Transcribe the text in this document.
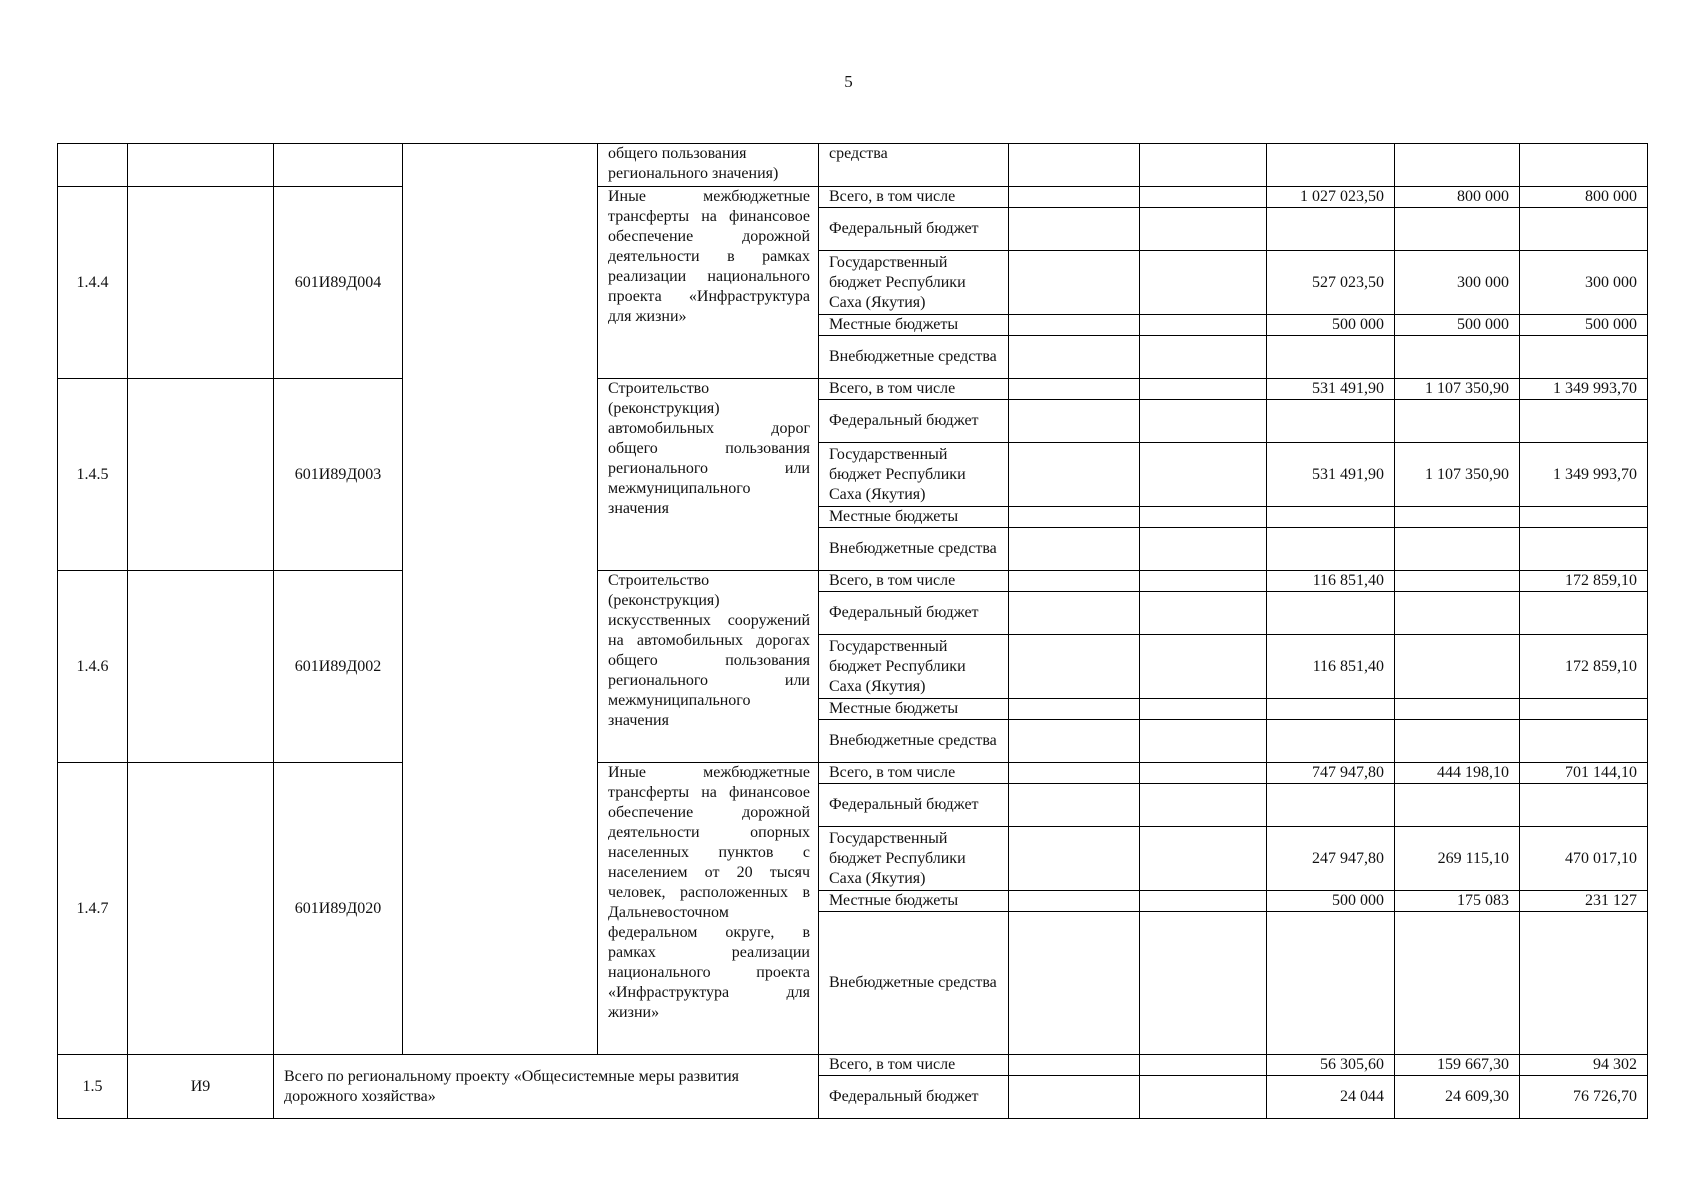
5
				общего пользования регионального значения)	средства					
1.4.4		601И89Д004		Иные межбюджетные трансферты на финансовое обеспечение дорожной деятельности в рамках реализации национального проекта «Инфраструктура для жизни»	Всего, в том числе			1 027 023,50	800 000	800 000
					Федеральный бюджет					
					Государственный бюджет Республики Саха (Якутия)			527 023,50	300 000	300 000
					Местные бюджеты			500 000	500 000	500 000
					Внебюджетные средства					
1.4.5		601И89Д003		Строительство (реконструкция) автомобильных дорог общего пользования регионального или межмуниципального значения	Всего, в том числе			531 491,90	1 107 350,90	1 349 993,70
					Федеральный бюджет					
					Государственный бюджет Республики Саха (Якутия)			531 491,90	1 107 350,90	1 349 993,70
					Местные бюджеты					
					Внебюджетные средства					
1.4.6		601И89Д002		Строительство (реконструкция) искусственных сооружений на автомобильных дорогах общего пользования регионального или межмуниципального значения	Всего, в том числе			116 851,40		172 859,10
					Федеральный бюджет					
					Государственный бюджет Республики Саха (Якутия)			116 851,40		172 859,10
					Местные бюджеты					
					Внебюджетные средства					
1.4.7		601И89Д020		Иные межбюджетные трансферты на финансовое обеспечение дорожной деятельности опорных населенных пунктов с населением от 20 тысяч человек, расположенных в Дальневосточном федеральном округе, в рамках реализации национального проекта «Инфраструктура для жизни»	Всего, в том числе			747 947,80	444 198,10	701 144,10
					Федеральный бюджет					
					Государственный бюджет Республики Саха (Якутия)			247 947,80	269 115,10	470 017,10
					Местные бюджеты			500 000	175 083	231 127
					Внебюджетные средства					
1.5	И9	Всего по региональному проекту «Общесистемные меры развития дорожного хозяйства»			Всего, в том числе			56 305,60	159 667,30	94 302
					Федеральный бюджет			24 044	24 609,30	76 726,70
